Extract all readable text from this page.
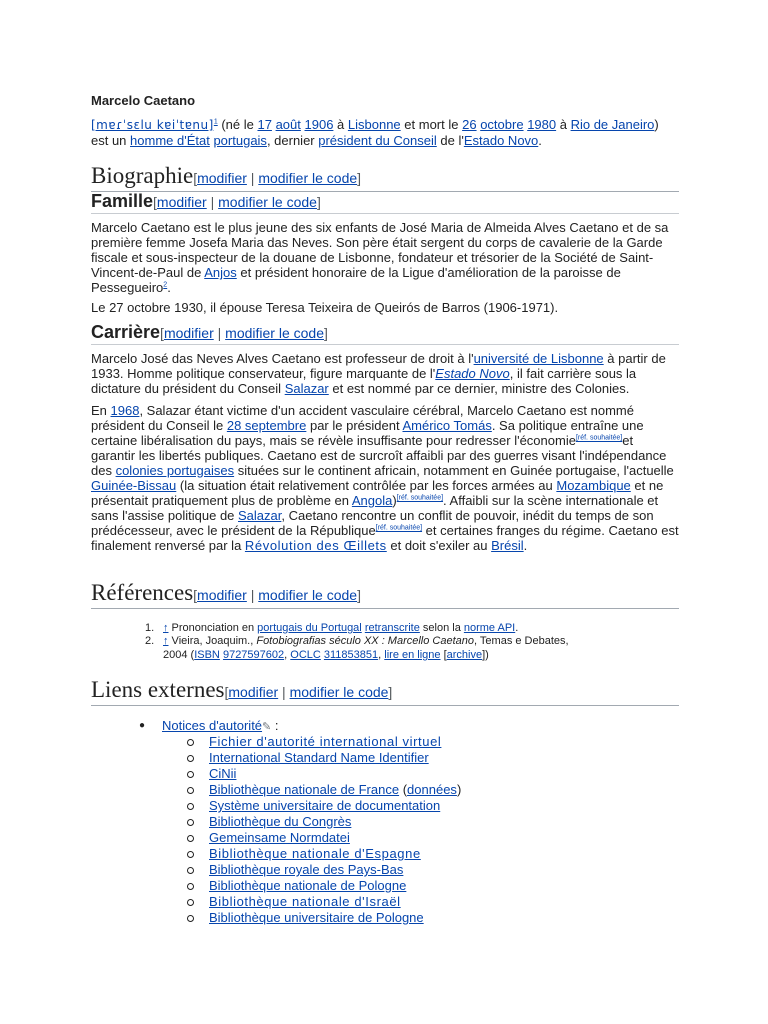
Marcelo Caetano
[mɐɾˈsɛlu kɐiˈtɐnu]$^1$ (né le 17 août 1906 à Lisbonne et mort le 26 octobre 1980 à Rio de Janeiro)
est un homme d'État portugais, dernier président du Conseil de l'Estado Novo.
Biographie[modifier | modifier le code]
Famille[modifier | modifier le code]
Marcelo Caetano est le plus jeune des six enfants de José Maria de Almeida Alves Caetano et de sa première femme Josefa Maria das Neves. Son père était sergent du corps de cavalerie de la Garde fiscale et sous-inspecteur de la douane de Lisbonne, fondateur et trésorier de la Société de Saint-Vincent-de-Paul de Anjos et président honoraire de la Ligue d'amélioration de la paroisse de Pessegueiro$^2$.
Le 27 octobre 1930, il épouse Teresa Teixeira de Queirós de Barros (1906-1971).
Carrière[modifier | modifier le code]
Marcelo José das Neves Alves Caetano est professeur de droit à l'université de Lisbonne à partir de 1933. Homme politique conservateur, figure marquante de l'Estado Novo, il fait carrière sous la dictature du président du Conseil Salazar et est nommé par ce dernier, ministre des Colonies.
En 1968, Salazar étant victime d'un accident vasculaire cérébral, Marcelo Caetano est nommé président du Conseil le 28 septembre par le président Américo Tomás. Sa politique entraîne une certaine libéralisation du pays, mais se révèle insuffisante pour redresser l'économie[réf. souhaitée]et garantir les libertés publiques. Caetano est de surcroît affaibli par des guerres visant l'indépendance des colonies portugaises situées sur le continent africain, notamment en Guinée portugaise, l'actuelle Guinée-Bissau (la situation était relativement contrôlée par les forces armées au Mozambique et ne présentait pratiquement plus de problème en Angola)[réf. souhaitée]. Affaibli sur la scène internationale et sans l'assise politique de Salazar, Caetano rencontre un conflit de pouvoir, inédit du temps de son prédécesseur, avec le président de la République[réf. souhaitée] et certaines franges du régime. Caetano est finalement renversé par la Révolution des Œillets et doit s'exiler au Brésil.
Références[modifier | modifier le code]
1. ↑ Prononciation en portugais du Portugal retranscrite selon la norme API.
2. ↑ Vieira, Joaquim., Fotobiografias século XX : Marcello Caetano, Temas e Debates, 2004 (ISBN 9727597602, OCLC 311853851, lire en ligne [archive])
Liens externes[modifier | modifier le code]
● Notices d'autorité✎ :
Fichier d'autorité international virtuel
International Standard Name Identifier
CiNii
Bibliothèque nationale de France (données)
Système universitaire de documentation
Bibliothèque du Congrès
Gemeinsame Normdatei
Bibliothèque nationale d'Espagne
Bibliothèque royale des Pays-Bas
Bibliothèque nationale de Pologne
Bibliothèque nationale d'Israël
Bibliothèque universitaire de Pologne
